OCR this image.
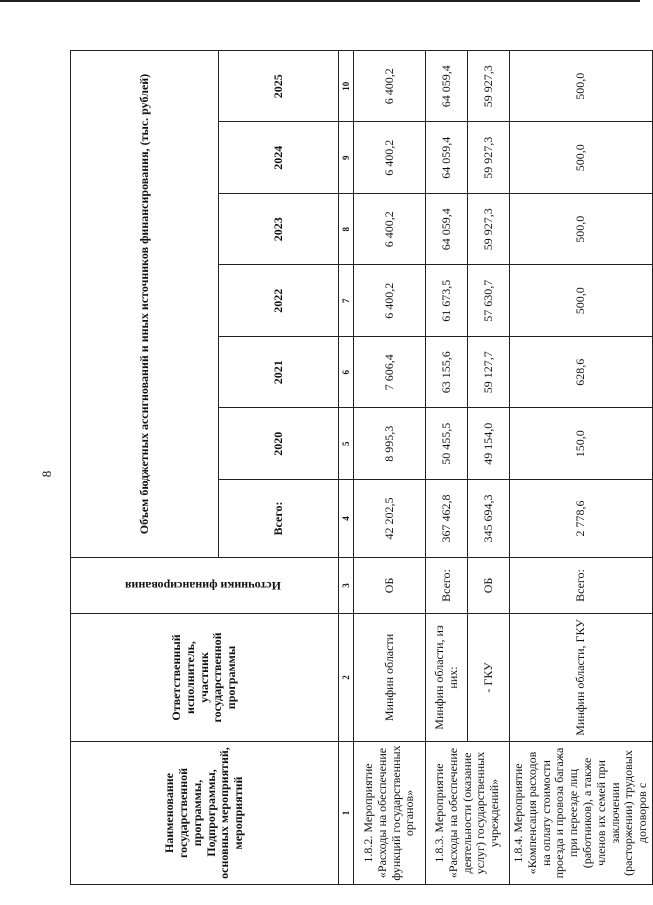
8
Наименование государственной программы, Подпрограммы, основных мероприятий, мероприятий	Ответственный исполнитель, участник государственной программы	Источники финансирования	Объем бюджетных ассигнований и иных источников финансирования, (тыс. рублей)						
			Всего:	2020	2021	2022	2023	2024	2025
1	2	3	4	5	6	7	8	9	10
1.8.2. Мероприятие «Расходы на обеспечение функций государственных органов»	Минфин области	ОБ	42 202,5	8 995,3	7 606,4	6 400,2	6 400,2	6 400,2	6 400,2
1.8.3. Мероприятие «Расходы на обеспечение деятельности (оказание услуг) государственных учреждений»	Минфин области, из них:	Всего:	367 462,8	50 455,5	63 155,6	61 673,5	64 059,4	64 059,4	64 059,4
	- ГКУ	ОБ	345 694,3	49 154,0	59 127,7	57 630,7	59 927,3	59 927,3	59 927,3
1.8.4. Мероприятие «Компенсация расходов на оплату стоимости проезда и провоза багажа при переезде лиц (работников), а также членов их семей при заключении (расторжении) трудовых договоров с	Минфин области, ГКУ	Всего:	2 778,6	150,0	628,6	500,0	500,0	500,0	500,0
